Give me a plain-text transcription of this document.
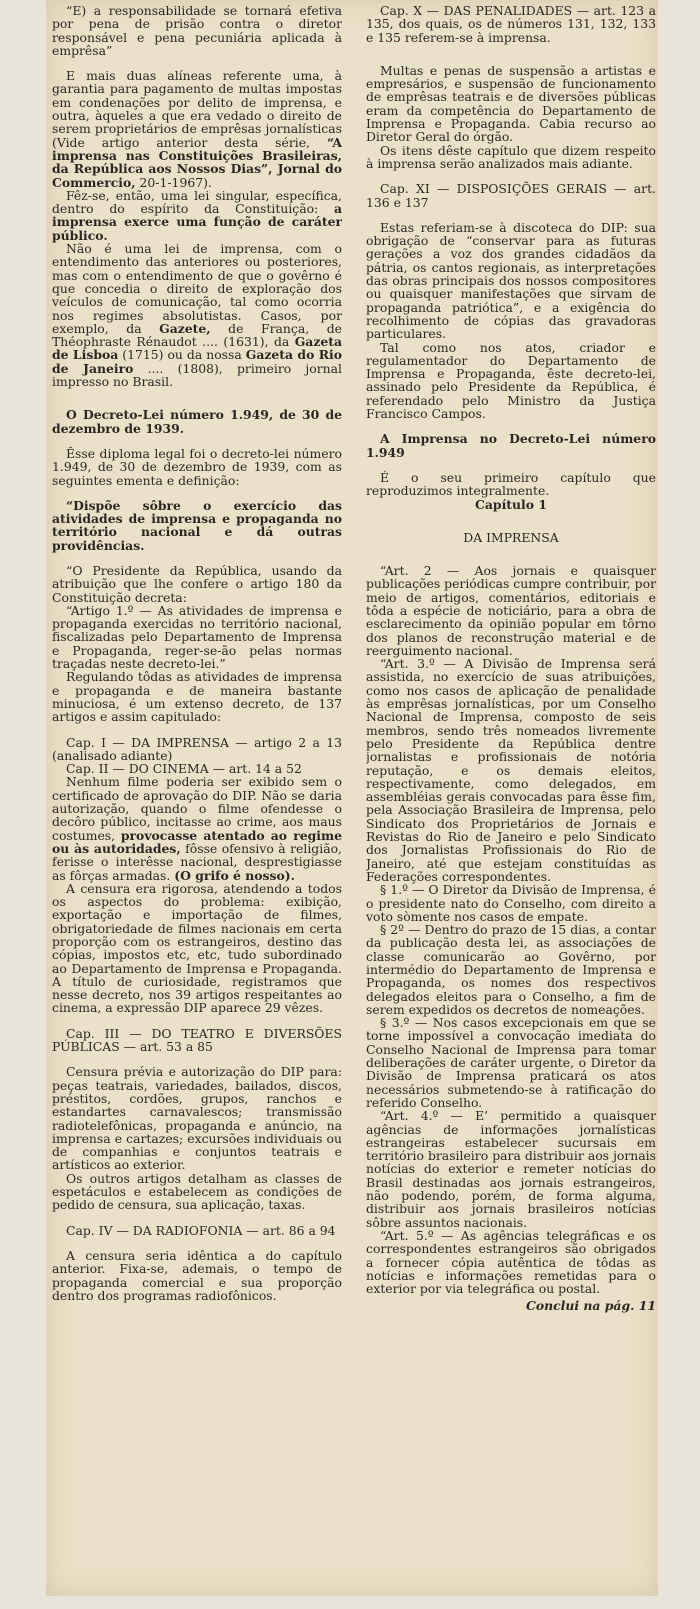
“E) a responsabilidade se tornará efetiva por pena de prisão contra o diretor responsável e pena pecuniária aplicada à emprêsa”

E mais duas alíneas referente uma, à garantia para pagamento de multas impostas em condenações por delito de imprensa, e outra, àqueles a que era vedado o direito de serem proprietários de emprêsas jornalísticas (Vide artigo anterior desta série, “A imprensa nas Constituições Brasileiras, da República aos Nossos Dias”, Jornal do Commercio, 20-1-1967).

Fêz-se, então, uma lei singular, específica, dentro do espírito da Constituição: a imprensa exerce uma função de caráter público.

Não é uma lei de imprensa, com o entendimento das anteriores ou posteriores, mas com o entendimento de que o govêrno é que concedia o direito de exploração dos veículos de comunicação, tal como ocorria nos regimes absolutistas. Casos, por exemplo, da Gazete, de França, de Théophraste Rénaudot .... (1631), da Gazeta de Lisboa (1715) ou da nossa Gazeta do Rio de Janeiro .... (1808), primeiro jornal impresso no Brasil.

O Decreto-Lei número 1.949, de 30 de dezembro de 1939.

Êsse diploma legal foi o decreto-lei número 1.949, de 30 de dezembro de 1939, com as seguintes ementa e definição:

“Dispõe sôbre o exercício das atividades de imprensa e propaganda no território nacional e dá outras providências.

“O Presidente da República, usando da atribuição que lhe confere o artigo 180 da Constituição decreta:

“Artigo 1.º — As atividades de imprensa e propaganda exercidas no território nacional, fiscalizadas pelo Departamento de Imprensa e Propaganda, reger-se-ão pelas normas traçadas neste decreto-lei.”

Regulando tôdas as atividades de imprensa e propaganda e de maneira bastante minuciosa, é um extenso decreto, de 137 artigos e assim capitulado:

Cap. I — DA IMPRENSA — artigo 2 a 13 (analisado adiante)

Cap. II — DO CINEMA — art. 14 a 52

Nenhum filme poderia ser exibido sem o certificado de aprovação do DIP. Não se daria autorização, quando o filme ofendesse o decôro público, incitasse ao crime, aos maus costumes, provocasse atentado ao regime ou às autoridades, fôsse ofensivo à religião, ferisse o interêsse nacional, desprestigiasse as fôrças armadas. (O grifo é nosso).

A censura era rigorosa, atendendo a todos os aspectos do problema: exibição, exportação e importação de filmes, obrigatoriedade de filmes nacionais em certa proporção com os estrangeiros, destino das cópias, impostos etc, etc, tudo subordinado ao Departamento de Imprensa e Propaganda. A título de curiosidade, registramos que nesse decreto, nos 39 artigos respeitantes ao cinema, a expressão DIP aparece 29 vêzes.

Cap. III — DO TEATRO E DIVERSÕES PÚBLICAS — art. 53 a 85

Censura prévia e autorização do DIP para: peças teatrais, variedades, bailados, discos, préstitos, cordões, grupos, ranchos e estandartes carnavalescos; transmissão radiotelefônicas, propaganda e anúncio, na imprensa e cartazes; excursões individuais ou de companhias e conjuntos teatrais e artísticos ao exterior.

Os outros artigos detalham as classes de espetáculos e estabelecem as condições de pedido de censura, sua aplicação, taxas.

Cap. IV — DA RADIOFONIA — art. 86 a 94

A censura seria idêntica a do capítulo anterior. Fixa-se, ademais, o tempo de propaganda comercial e sua proporção dentro dos programas radiofônicos.

Cap. X — DAS PENALIDADES — art. 123 a 135, dos quais, os de números 131, 132, 133 e 135 referem-se à imprensa.

Multas e penas de suspensão a artistas e empresários, e suspensão de funcionamento de emprêsas teatrais e de diversões públicas eram da competência do Departamento de Imprensa e Propaganda. Cabia recurso ao Diretor Geral do órgão.

Os itens dêste capítulo que dizem respeito à imprensa serão analizados mais adiante.

Cap. XI — DISPOSIÇÕES GERAIS — art. 136 e 137

Estas referiam-se à discoteca do DIP: sua obrigação de “conservar para as futuras gerações a voz dos grandes cidadãos da pátria, os cantos regionais, as interpretações das obras principais dos nossos compositores ou quaisquer manifestações que sirvam de propaganda patriótica”, e a exigência do recolhimento de cópias das gravadoras particulares.

Tal como nos atos, criador e regulamentador do Departamento de Imprensa e Propaganda, êste decreto-lei, assinado pelo Presidente da República, é referendado pelo Ministro da Justiça Francisco Campos.

A Imprensa no Decreto-Lei número 1.949

É o seu primeiro capítulo que reproduzimos integralmente.

Capítulo 1

DA IMPRENSA

“Art. 2 — Aos jornais e quaisquer publicações periódicas cumpre contribuir, por meio de artigos, comentários, editoriais e tôda a espécie de noticiário, para a obra de esclarecimento da opinião popular em tôrno dos planos de reconstrução material e de reerguimento nacional.

“Art. 3.º — A Divisão de Imprensa será assistida, no exercício de suas atribuições, como nos casos de aplicação de penalidade às emprêsas jornalísticas, por um Conselho Nacional de Imprensa, composto de seis membros, sendo três nomeados livremente pelo Presidente da República dentre jornalistas e profissionais de notória reputação, e os demais eleitos, respectivamente, como delegados, em assembléias gerais convocadas para êsse fim, pela Associação Brasileira de Imprensa, pelo Sindicato dos Proprietários de Jornais e Revistas do Rio de Janeiro e pelo Sindicato dos Jornalistas Profissionais do Rio de Janeiro, até que estejam constituídas as Federações correspondentes.

§ 1.º — O Diretor da Divisão de Imprensa, é o presidente nato do Conselho, com direito a voto sòmente nos casos de empate.

§ 2º — Dentro do prazo de 15 dias, a contar da publicação desta lei, as associações de classe comunicarão ao Govêrno, por intermédio do Departamento de Imprensa e Propaganda, os nomes dos respectivos delegados eleitos para o Conselho, a fim de serem expedidos os decretos de nomeações.

§ 3.º — Nos casos excepcionais em que se torne impossível a convocação imediata do Conselho Nacional de Imprensa para tomar deliberações de caráter urgente, o Diretor da Divisão de Imprensa praticará os atos necessários submetendo-se à ratificação do referido Conselho.

“Art. 4.º — E’ permitido a quaisquer agências de informações jornalísticas estrangeiras estabelecer sucursais em território brasileiro para distribuir aos jornais notícias do exterior e remeter notícias do Brasil destinadas aos jornais estrangeiros, não podendo, porém, de forma alguma, distribuir aos jornais brasileiros notícias sôbre assuntos nacionais.

“Art. 5.º — As agências telegráficas e os correspondentes estrangeiros são obrigados a fornecer cópia autêntica de tôdas as notícias e informações remetidas para o exterior por via telegráfica ou postal.

Conclui na pág. 11
